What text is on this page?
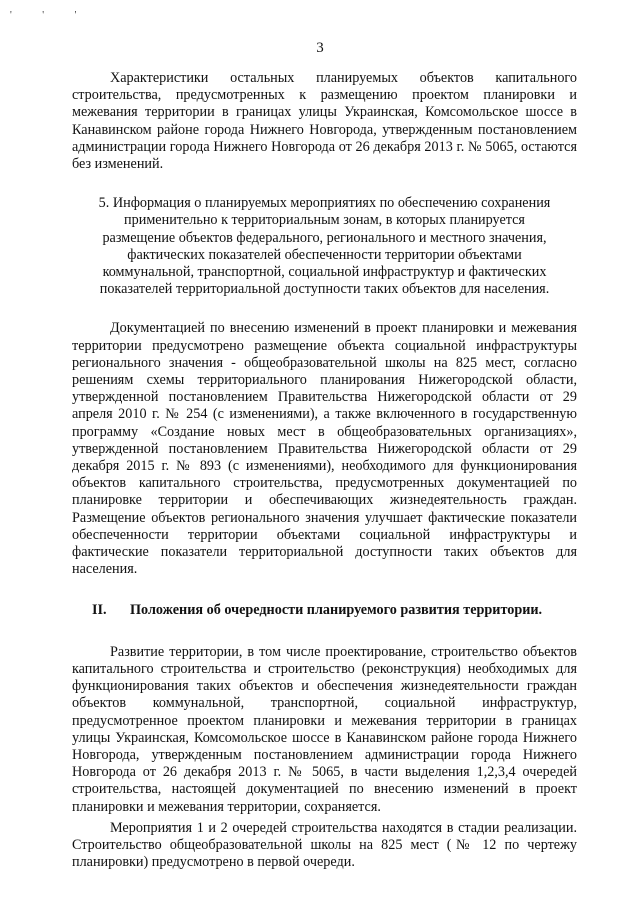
' ' '
3

Характеристики остальных планируемых объектов капитального строительства, предусмотренных к размещению проектом планировки и межевания территории в границах улицы Украинская, Комсомольское шоссе в Канавинском районе города Нижнего Новгорода, утвержденным постановлением администрации города Нижнего Новгорода от 26 декабря 2013 г. № 5065, остаются без изменений.

5. Информация о планируемых мероприятиях по обеспечению сохранения применительно к территориальным зонам, в которых планируется размещение объектов федерального, регионального и местного значения, фактических показателей обеспеченности территории объектами коммунальной, транспортной, социальной инфраструктур и фактических показателей территориальной доступности таких объектов для населения.

Документацией по внесению изменений в проект планировки и межевания территории предусмотрено размещение объекта социальной инфраструктуры регионального значения - общеобразовательной школы на 825 мест, согласно решениям схемы территориального планирования Нижегородской области, утвержденной постановлением Правительства Нижегородской области от 29 апреля 2010 г. № 254 (с изменениями), а также включенного в государственную программу «Создание новых мест в общеобразовательных организациях», утвержденной постановлением Правительства Нижегородской области от 29 декабря 2015 г. № 893 (с изменениями), необходимого для функционирования объектов капитального строительства, предусмотренных документацией по планировке территории и обеспечивающих жизнедеятельность граждан. Размещение объектов регионального значения улучшает фактические показатели обеспеченности территории объектами социальной инфраструктуры и фактические показатели территориальной доступности таких объектов для населения.

II.	Положения об очередности планируемого развития территории.

Развитие территории, в том числе проектирование, строительство объектов капитального строительства и строительство (реконструкция) необходимых для функционирования таких объектов и обеспечения жизнедеятельности граждан объектов коммунальной, транспортной, социальной инфраструктур, предусмотренное проектом планировки и межевания территории в границах улицы Украинская, Комсомольское шоссе в Канавинском районе города Нижнего Новгорода, утвержденным постановлением администрации города Нижнего Новгорода от 26 декабря 2013 г. № 5065, в части выделения 1,2,3,4 очередей строительства, настоящей документацией по внесению изменений в проект планировки и межевания территории, сохраняется.

Мероприятия 1 и 2 очередей строительства находятся в стадии реализации. Строительство общеобразовательной школы на 825 мест (№ 12 по чертежу планировки) предусмотрено в первой очереди.
